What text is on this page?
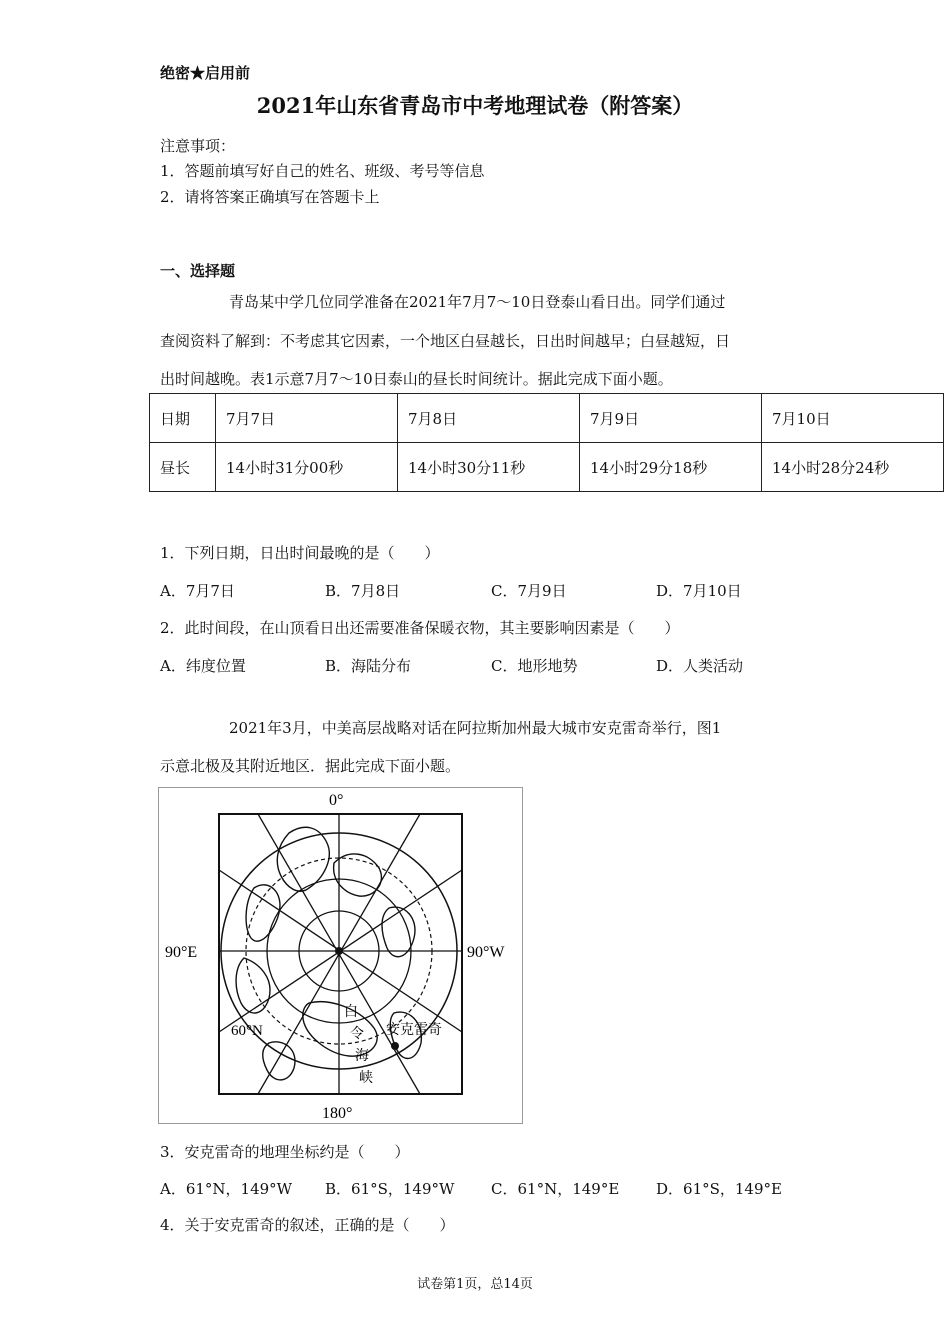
绝密★启用前
2021年山东省青岛市中考地理试卷（附答案）
注意事项：
1．答题前填写好自己的姓名、班级、考号等信息
2．请将答案正确填写在答题卡上
一、选择题
青岛某中学几位同学准备在2021年7月7～10日登泰山看日出。同学们通过
查阅资料了解到：不考虑其它因素，一个地区白昼越长，日出时间越早；白昼越短，日
出时间越晚。表1示意7月7～10日泰山的昼长时间统计。据此完成下面小题。
日期	7月7日	7月8日	7月9日	7月10日
昼长	14小时31分00秒	14小时30分11秒	14小时29分18秒	14小时28分24秒
1．下列日期，日出时间最晚的是（　　）
A．7月7日	B．7月8日	C．7月9日	D．7月10日
2．此时间段，在山顶看日出还需要准备保暖衣物，其主要影响因素是（　　）
A．纬度位置	B．海陆分布	C．地形地势	D．人类活动
2021年3月，中美高层战略对话在阿拉斯加州最大城市安克雷奇举行，图1
示意北极及其附近地区．据此完成下面小题。
0°
90°E	90°W
180°
60°N	安克雷奇
白
令
海
峡
3．安克雷奇的地理坐标约是（　　）
A．61°N，149°W B．61°S，149°W C．61°N，149°E D．61°S，149°E
4．关于安克雷奇的叙述，正确的是（　　）
试卷第1页，总14页
